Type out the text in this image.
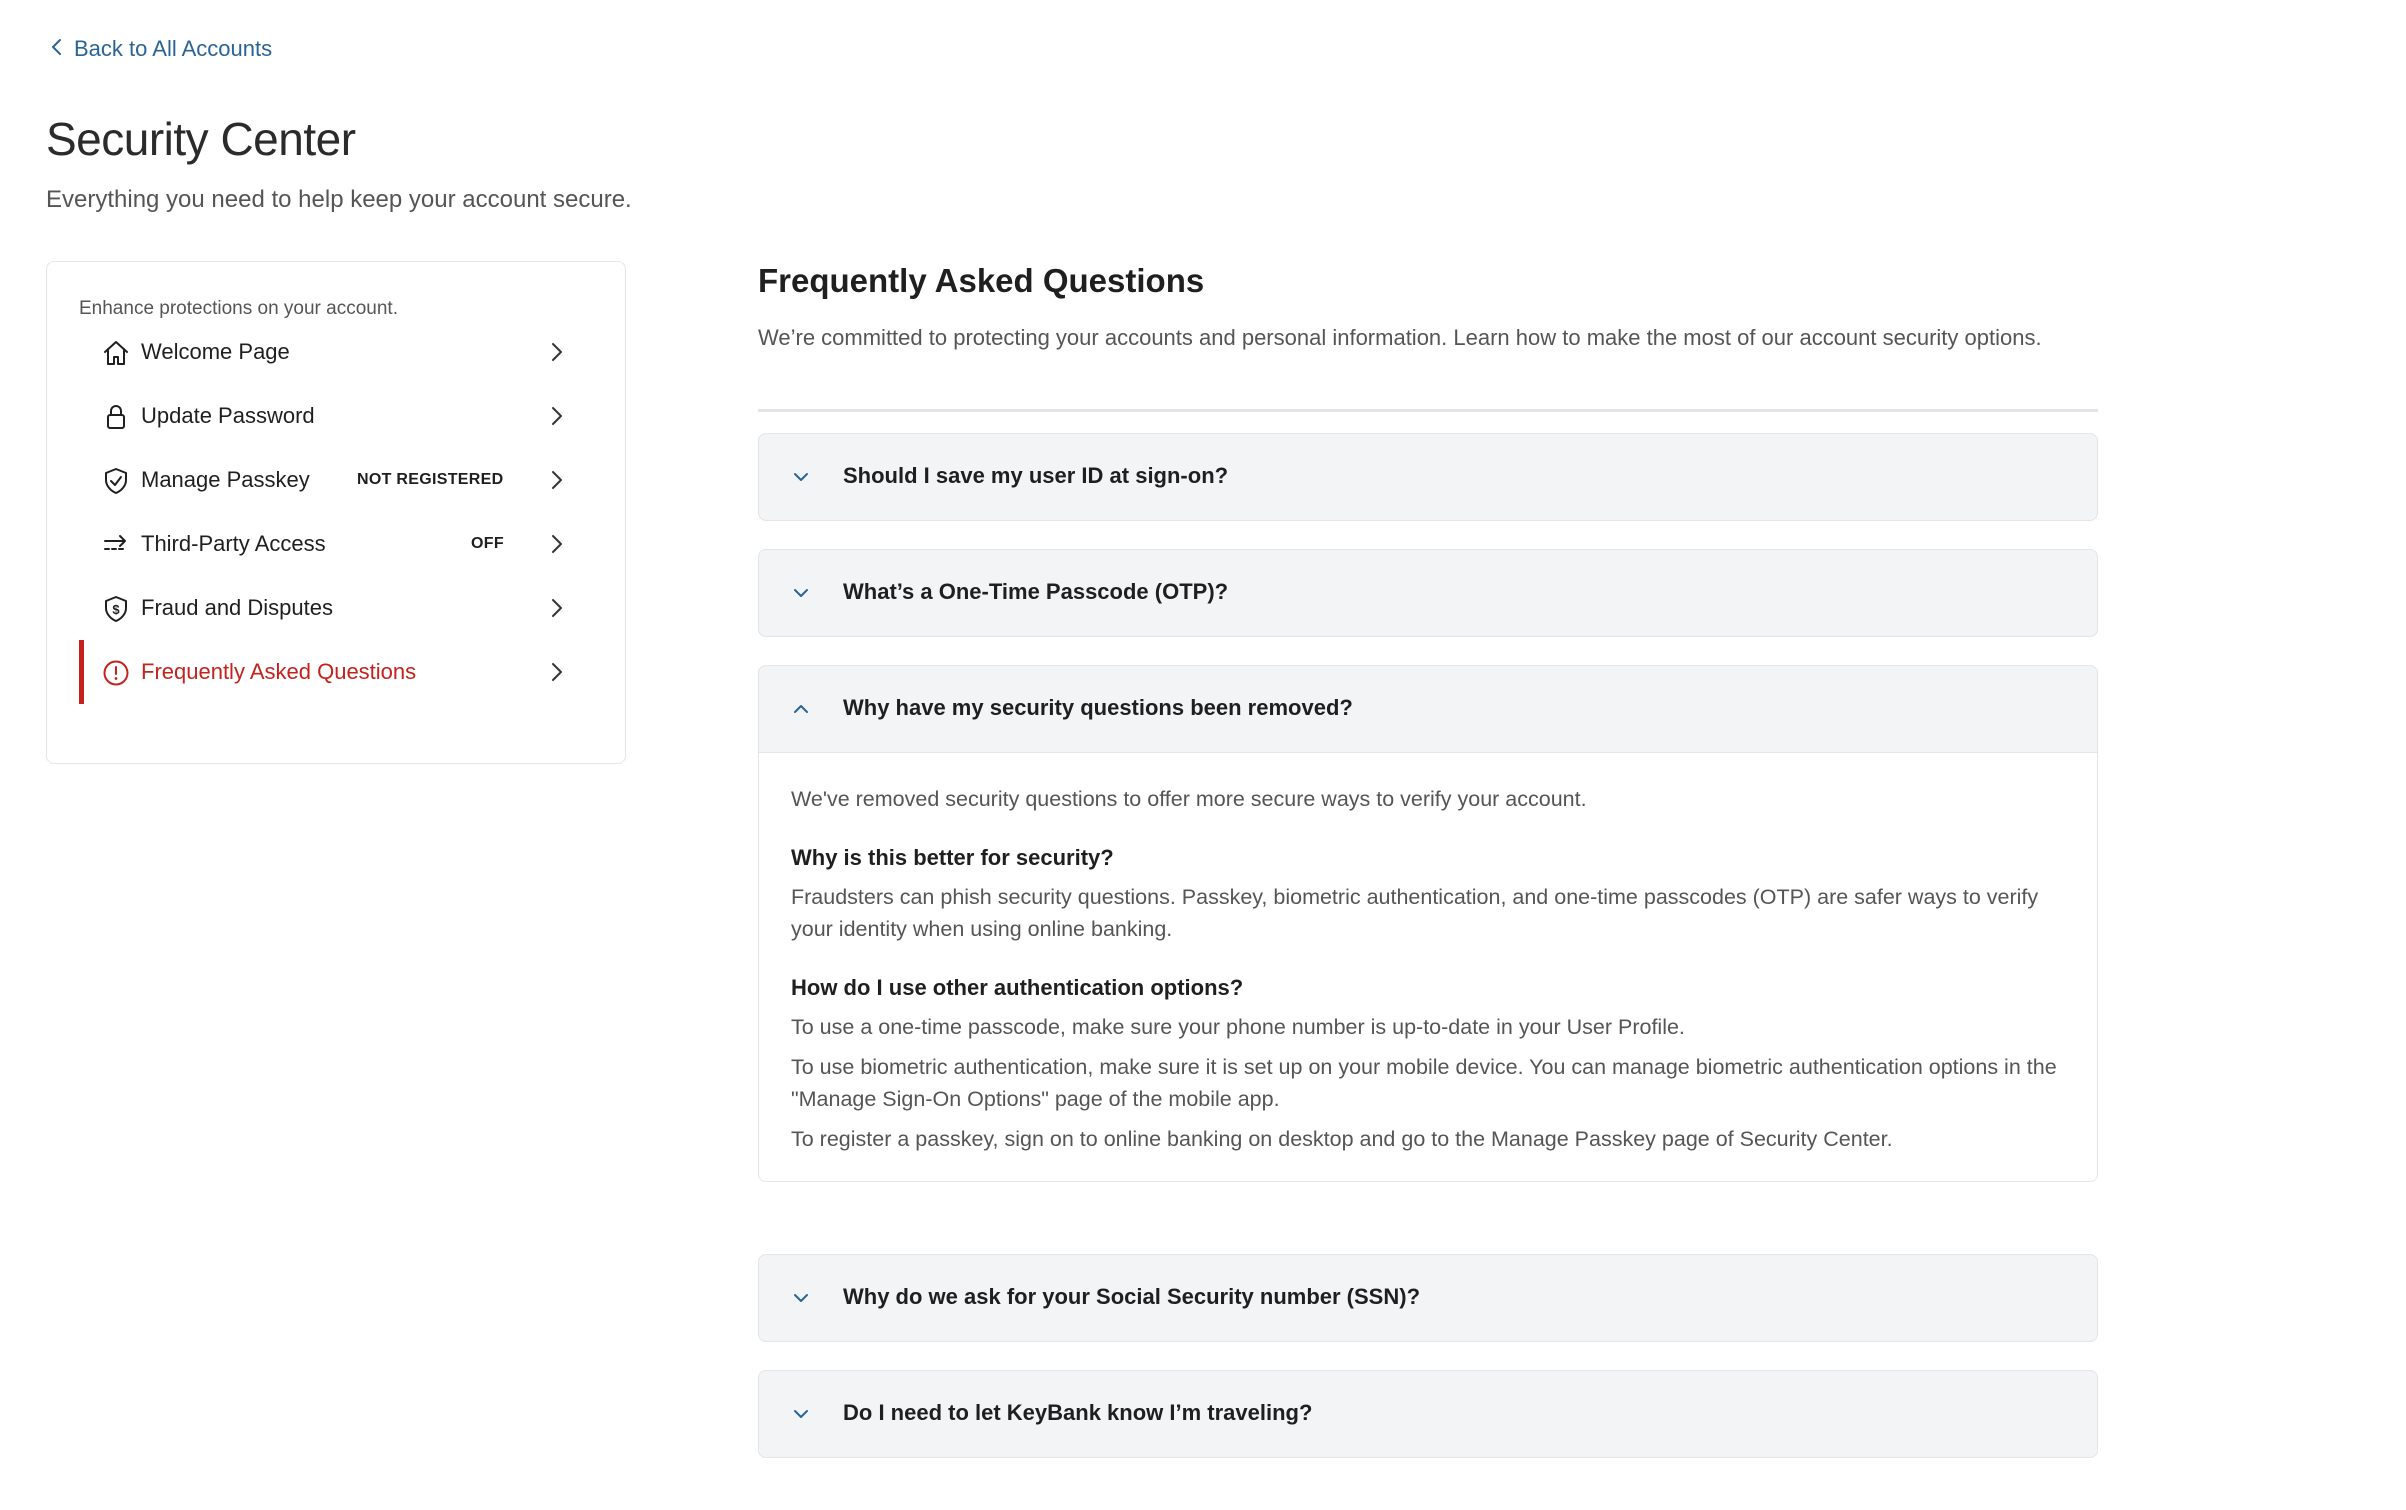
Back to All Accounts
Security Center
Everything you need to help keep your account secure.
Enhance protections on your account.
Welcome Page
Update Password
Manage Passkey	NOT REGISTERED
Third-Party Access	OFF
$ Fraud and Disputes
Frequently Asked Questions
Frequently Asked Questions
We’re committed to protecting your accounts and personal information. Learn how to make the most of our account security options.
Should I save my user ID at sign-on?
What’s a One-Time Passcode (OTP)?
Why have my security questions been removed?

We've removed security questions to offer more secure ways to verify your account.

Why is this better for security?

Fraudsters can phish security questions. Passkey, biometric authentication, and one-time passcodes (OTP) are safer ways to verify your identity when using online banking.

How do I use other authentication options?

To use a one-time passcode, make sure your phone number is up-to-date in your User Profile.

To use biometric authentication, make sure it is set up on your mobile device. You can manage biometric authentication options in the "Manage Sign-On Options" page of the mobile app.

To register a passkey, sign on to online banking on desktop and go to the Manage Passkey page of Security Center.

Why do we ask for your Social Security number (SSN)?
Do I need to let KeyBank know I’m traveling?
